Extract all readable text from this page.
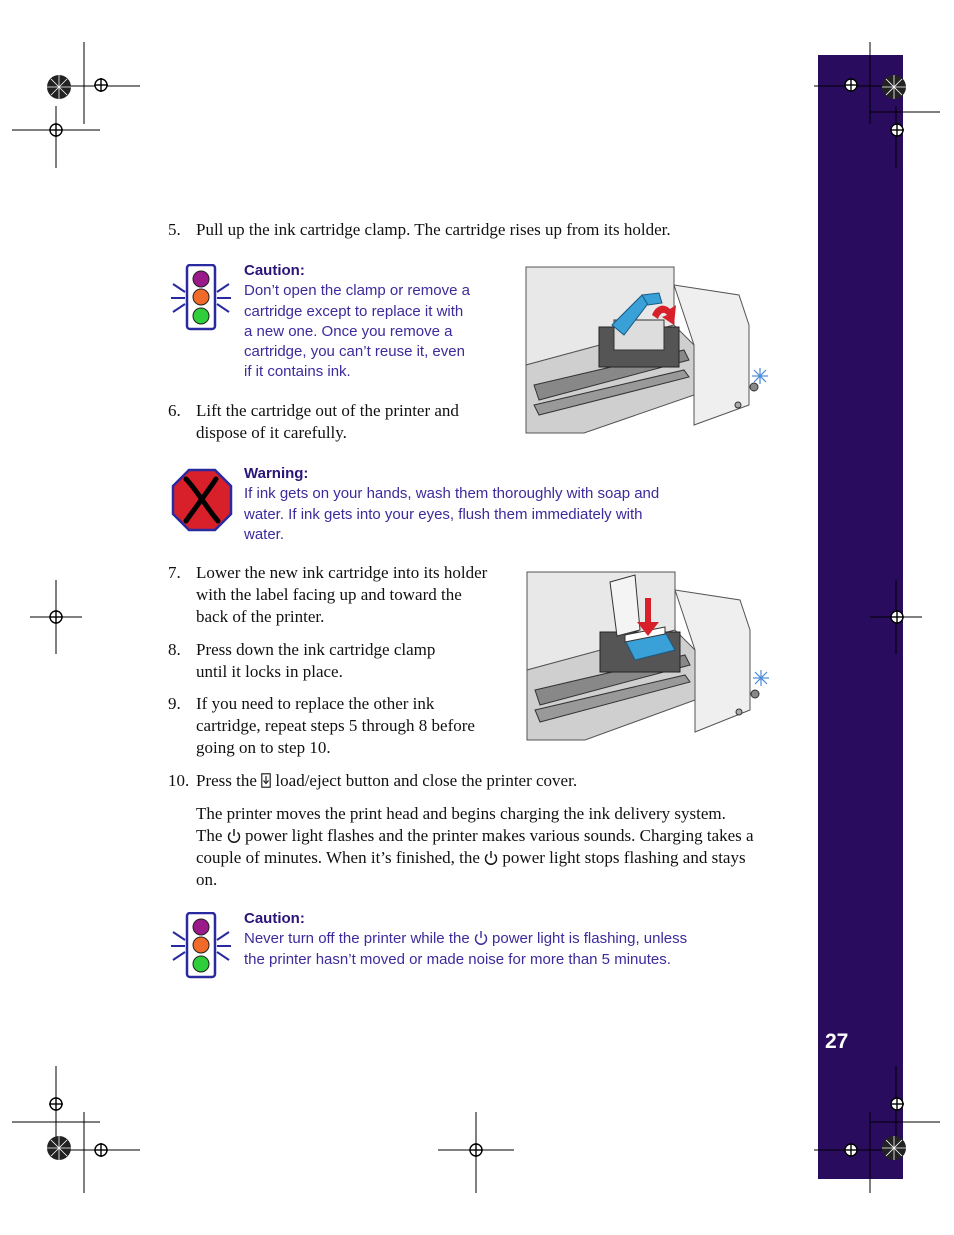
27
5. Pull up the ink cartridge clamp. The cartridge rises up from its holder.
Caution:
Don’t open the clamp or remove a
cartridge except to replace it with
a new one. Once you remove a
cartridge, you can’t reuse it, even
if it contains ink.
6. Lift the cartridge out of the printer and
dispose of it carefully.
Warning:
If ink gets on your hands, wash them thoroughly with soap and
water. If ink gets into your eyes, flush them immediately with
water.
7. Lower the new ink cartridge into its holder
with the label facing up and toward the
back of the printer.
8. Press down the ink cartridge clamp
until it locks in place.
9. If you need to replace the other ink
cartridge, repeat steps 5 through 8 before
going on to step 10.
10. Press the load/eject button and close the printer cover.
The printer moves the print head and begins charging the ink delivery system.
The power light flashes and the printer makes various sounds. Charging takes a
couple of minutes. When it’s finished, the power light stops flashing and stays
on.
Caution:
Never turn off the printer while the power light is flashing, unless
the printer hasn’t moved or made noise for more than 5 minutes.
